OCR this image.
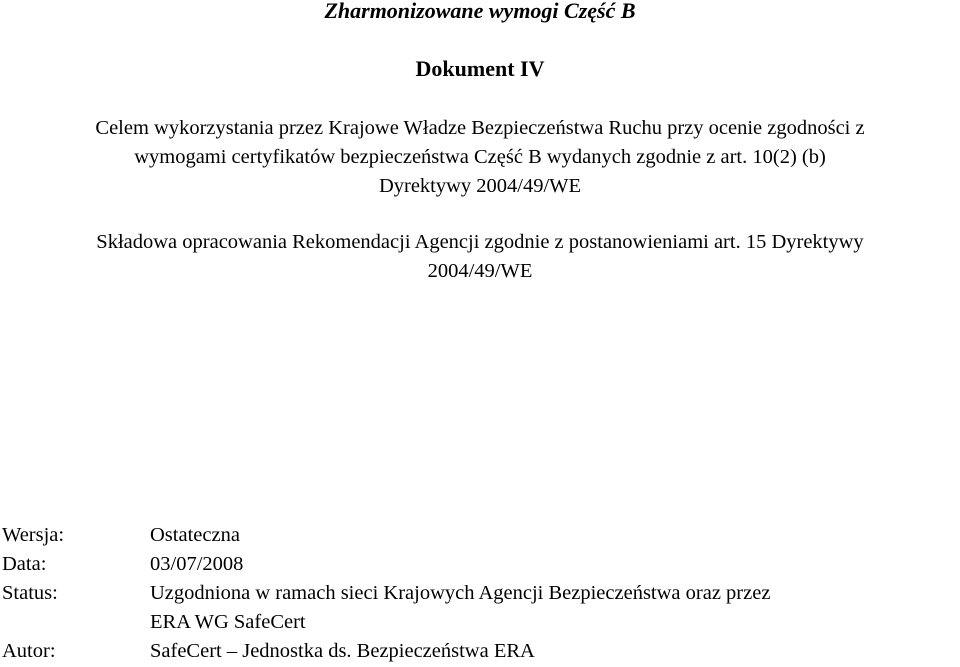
Zharmonizowane wymogi Część B
Dokument IV
Celem wykorzystania przez Krajowe Władze Bezpieczeństwa Ruchu przy ocenie zgodności z
wymogami certyfikatów bezpieczeństwa Część B wydanych zgodnie z art. 10(2) (b)
Dyrektywy 2004/49/WE
Składowa opracowania Rekomendacji Agencji zgodnie z postanowieniami art. 15 Dyrektywy
2004/49/WE
Wersja:	Ostateczna
Data:	03/07/2008
Status:	Uzgodniona w ramach sieci Krajowych Agencji Bezpieczeństwa oraz przez
ERA WG SafeCert
Autor:	SafeCert – Jednostka ds. Bezpieczeństwa ERA
